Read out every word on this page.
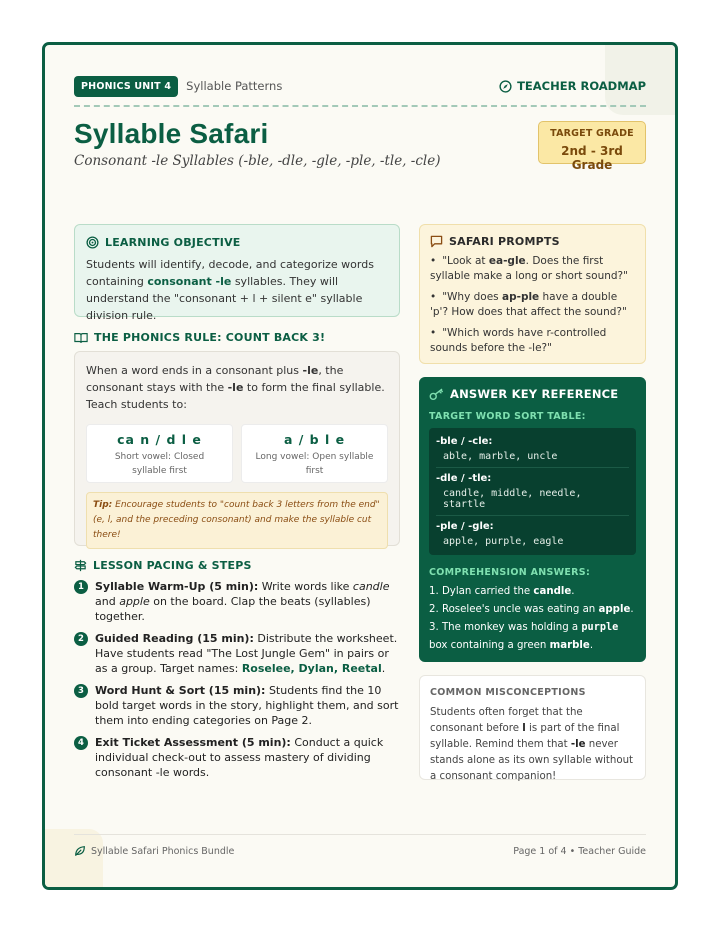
PHONICS UNIT 4	Syllable Patterns	TEACHER ROADMAP
Syllable Safari
Consonant -le Syllables (-ble, -dle, -gle, -ple, -tle, -cle)
TARGET GRADE
2nd - 3rd Grade
LEARNING OBJECTIVE

Students will identify, decode, and categorize words containing consonant -le syllables. They will understand the "consonant + l + silent e" syllable division rule.

THE PHONICS RULE: COUNT BACK 3!

When a word ends in a consonant plus -le, the consonant stays with the -le to form the final syllable. Teach students to:

ca n / d l e
Short vowel: Closed syllable first
a / b l e
Long vowel: Open syllable first
Tip: Encourage students to "count back 3 letters from the end" (e, l, and the preceding consonant) and make the syllable cut there!
LESSON PACING & STEPS
1	Syllable Warm-Up (5 min): Write words like candle and apple on the board. Clap the beats (syllables) together.
2	Guided Reading (15 min): Distribute the worksheet. Have students read "The Lost Jungle Gem" in pairs or as a group. Target names: Roselee, Dylan, Reetal.
3	Word Hunt & Sort (15 min): Students find the 10 bold target words in the story, highlight them, and sort them into ending categories on Page 2.
4	Exit Ticket Assessment (5 min): Conduct a quick individual check-out to assess mastery of dividing consonant -le words.
SAFARI PROMPTS
• "Look at ea-gle. Does the first syllable make a long or short sound?"
• "Why does ap-ple have a double 'p'? How does that affect the sound?"
• "Which words have r-controlled sounds before the -le?"
ANSWER KEY REFERENCE
TARGET WORD SORT TABLE:
-ble / -cle:
able, marble, uncle
-dle / -tle:
candle, middle, needle, startle
-ple / -gle:
apple, purple, eagle
COMPREHENSION ANSWERS:
1. Dylan carried the candle.
2. Roselee's uncle was eating an apple.
3. The monkey was holding a purple box containing a green marble.
COMMON MISCONCEPTIONS

Students often forget that the consonant before l is part of the final syllable. Remind them that -le never stands alone as its own syllable without a consonant companion!

Syllable Safari Phonics Bundle	Page 1 of 4 • Teacher Guide
